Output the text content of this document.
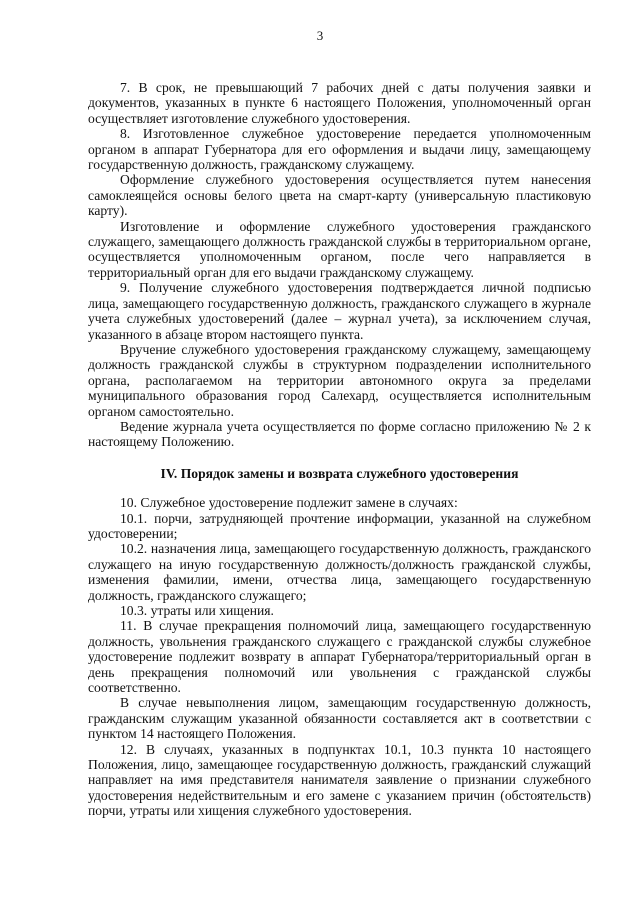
3

7. В срок, не превышающий 7 рабочих дней с даты получения заявки и документов, указанных в пункте 6 настоящего Положения, уполномоченный орган осуществляет изготовление служебного удостоверения.

8. Изготовленное служебное удостоверение передается уполномоченным органом в аппарат Губернатора для его оформления и выдачи лицу, замещающему государственную должность, гражданскому служащему.

Оформление служебного удостоверения осуществляется путем нанесения самоклеящейся основы белого цвета на смарт-карту (универсальную пластиковую карту).

Изготовление и оформление служебного удостоверения гражданского служащего, замещающего должность гражданской службы в территориальном органе, осуществляется уполномоченным органом, после чего направляется в территориальный орган для его выдачи гражданскому служащему.

9. Получение служебного удостоверения подтверждается личной подписью лица, замещающего государственную должность, гражданского служащего в журнале учета служебных удостоверений (далее – журнал учета), за исключением случая, указанного в абзаце втором настоящего пункта.

Вручение служебного удостоверения гражданскому служащему, замещающему должность гражданской службы в структурном подразделении исполнительного органа, располагаемом на территории автономного округа за пределами муниципального образования город Салехард, осуществляется исполнительным органом самостоятельно.

Ведение журнала учета осуществляется по форме согласно приложению № 2 к настоящему Положению.

IV. Порядок замены и возврата служебного удостоверения

10. Служебное удостоверение подлежит замене в случаях:

10.1. порчи, затрудняющей прочтение информации, указанной на служебном удостоверении;

10.2. назначения лица, замещающего государственную должность, гражданского служащего на иную государственную должность/должность гражданской службы, изменения фамилии, имени, отчества лица, замещающего государственную должность, гражданского служащего;

10.3. утраты или хищения.

11. В случае прекращения полномочий лица, замещающего государственную должность, увольнения гражданского служащего с гражданской службы служебное удостоверение подлежит возврату в аппарат Губернатора/территориальный орган в день прекращения полномочий или увольнения с гражданской службы соответственно.

В случае невыполнения лицом, замещающим государственную должность, гражданским служащим указанной обязанности составляется акт в соответствии с пунктом 14 настоящего Положения.

12. В случаях, указанных в подпунктах 10.1, 10.3 пункта 10 настоящего Положения, лицо, замещающее государственную должность, гражданский служащий направляет на имя представителя нанимателя заявление о признании служебного удостоверения недействительным и его замене с указанием причин (обстоятельств) порчи, утраты или хищения служебного удостоверения.
